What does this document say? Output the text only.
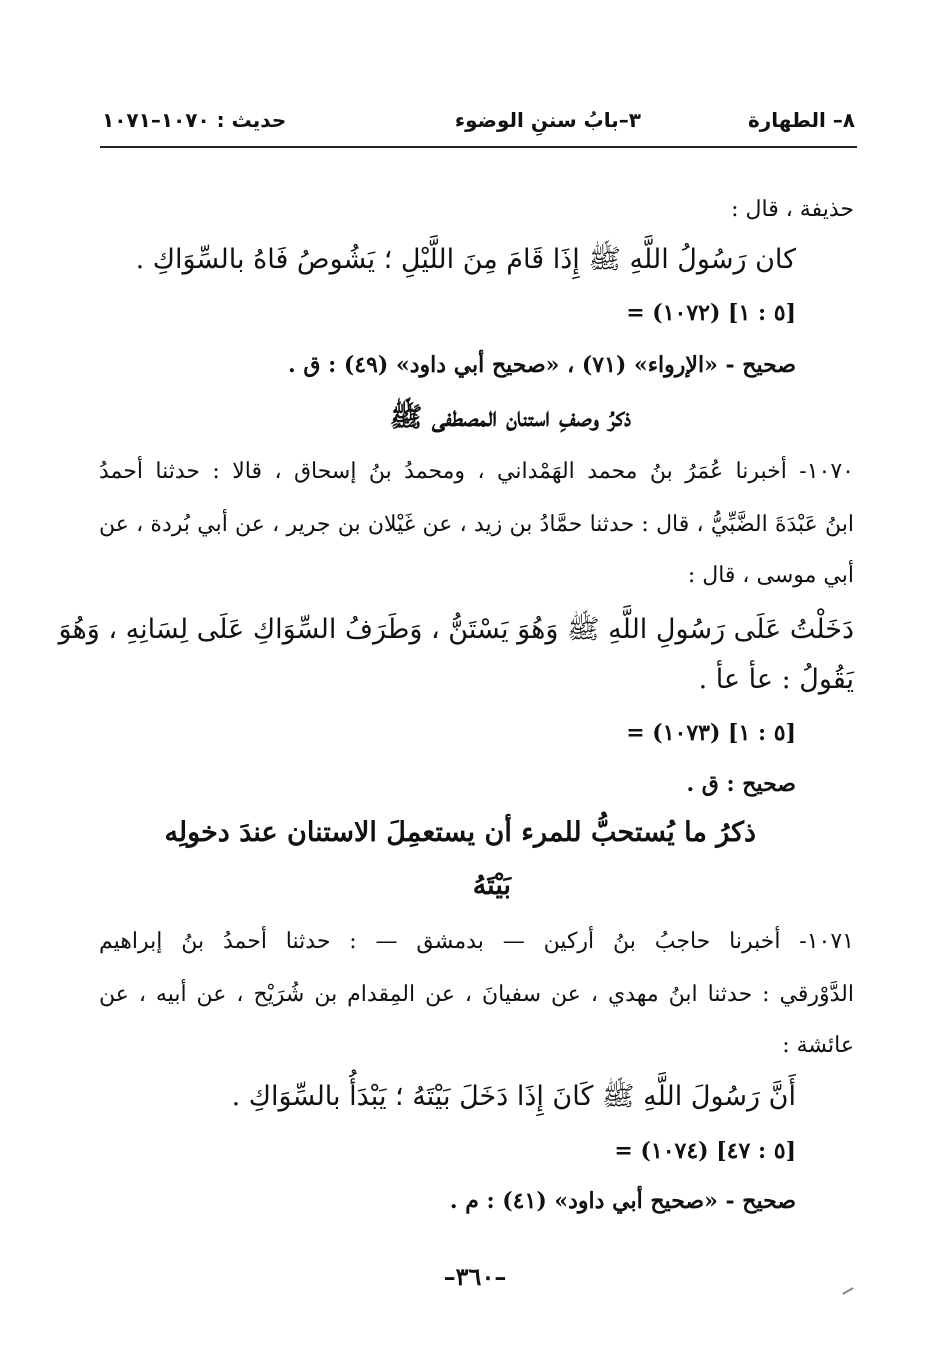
٨– الطهارة
٣–بابُ سننِ الوضوء
حديث : ١٠٧٠–١٠٧١
حذيفة ، قال :
كان رَسُولُ اللَّهِ ﷺ إِذَا قَامَ مِنَ اللَّيْلِ ؛ يَشُوصُ فَاهُ بالسِّوَاكِ .
= (١٠٧٢) [٥ : ١]
صحيح - «الإرواء» (٧١) ، «صحيح أبي داود» (٤٩) : ق .
ذكرُ وصفِ استنان المصطفى ﷺ
١٠٧٠- أخبرنا عُمَرُ بنُ محمد الهَمْداني ، ومحمدُ بنُ إسحاق ، قالا : حدثنا أحمدُ
ابنُ عَبْدَةَ الضَّبِّيُّ ، قال : حدثنا حمَّادُ بن زيد ، عن غَيْلان بن جرير ، عن أبي بُردة ، عن
أبي موسى ، قال :
دَخَلْتُ عَلَى رَسُولِ اللَّهِ ﷺ وَهُوَ يَسْتَنُّ ، وَطَرَفُ السِّوَاكِ عَلَى لِسَانِهِ ، وَهُوَ
يَقُولُ : عأ عأ .
= (١٠٧٣) [٥ : ١]
صحيح : ق .
ذكرُ ما يُستحبُّ للمرء أن يستعمِلَ الاستنان عندَ دخولِه
بَيْتَهُ
١٠٧١- أخبرنا حاجبُ بنُ أركين — بدمشق — : حدثنا أحمدُ بنُ إبراهيم
الدَّوْرقي : حدثنا ابنُ مهدي ، عن سفيانَ ، عن المِقدام بن شُرَيْح ، عن أبيه ، عن
عائشة :
أَنَّ رَسُولَ اللَّهِ ﷺ كَانَ إِذَا دَخَلَ بَيْتَهُ ؛ يَبْدَأُ بالسِّوَاكِ .
= (١٠٧٤) [٥ : ٤٧]
صحيح - «صحيح أبي داود» (٤١) : م .
–٣٦٠–
